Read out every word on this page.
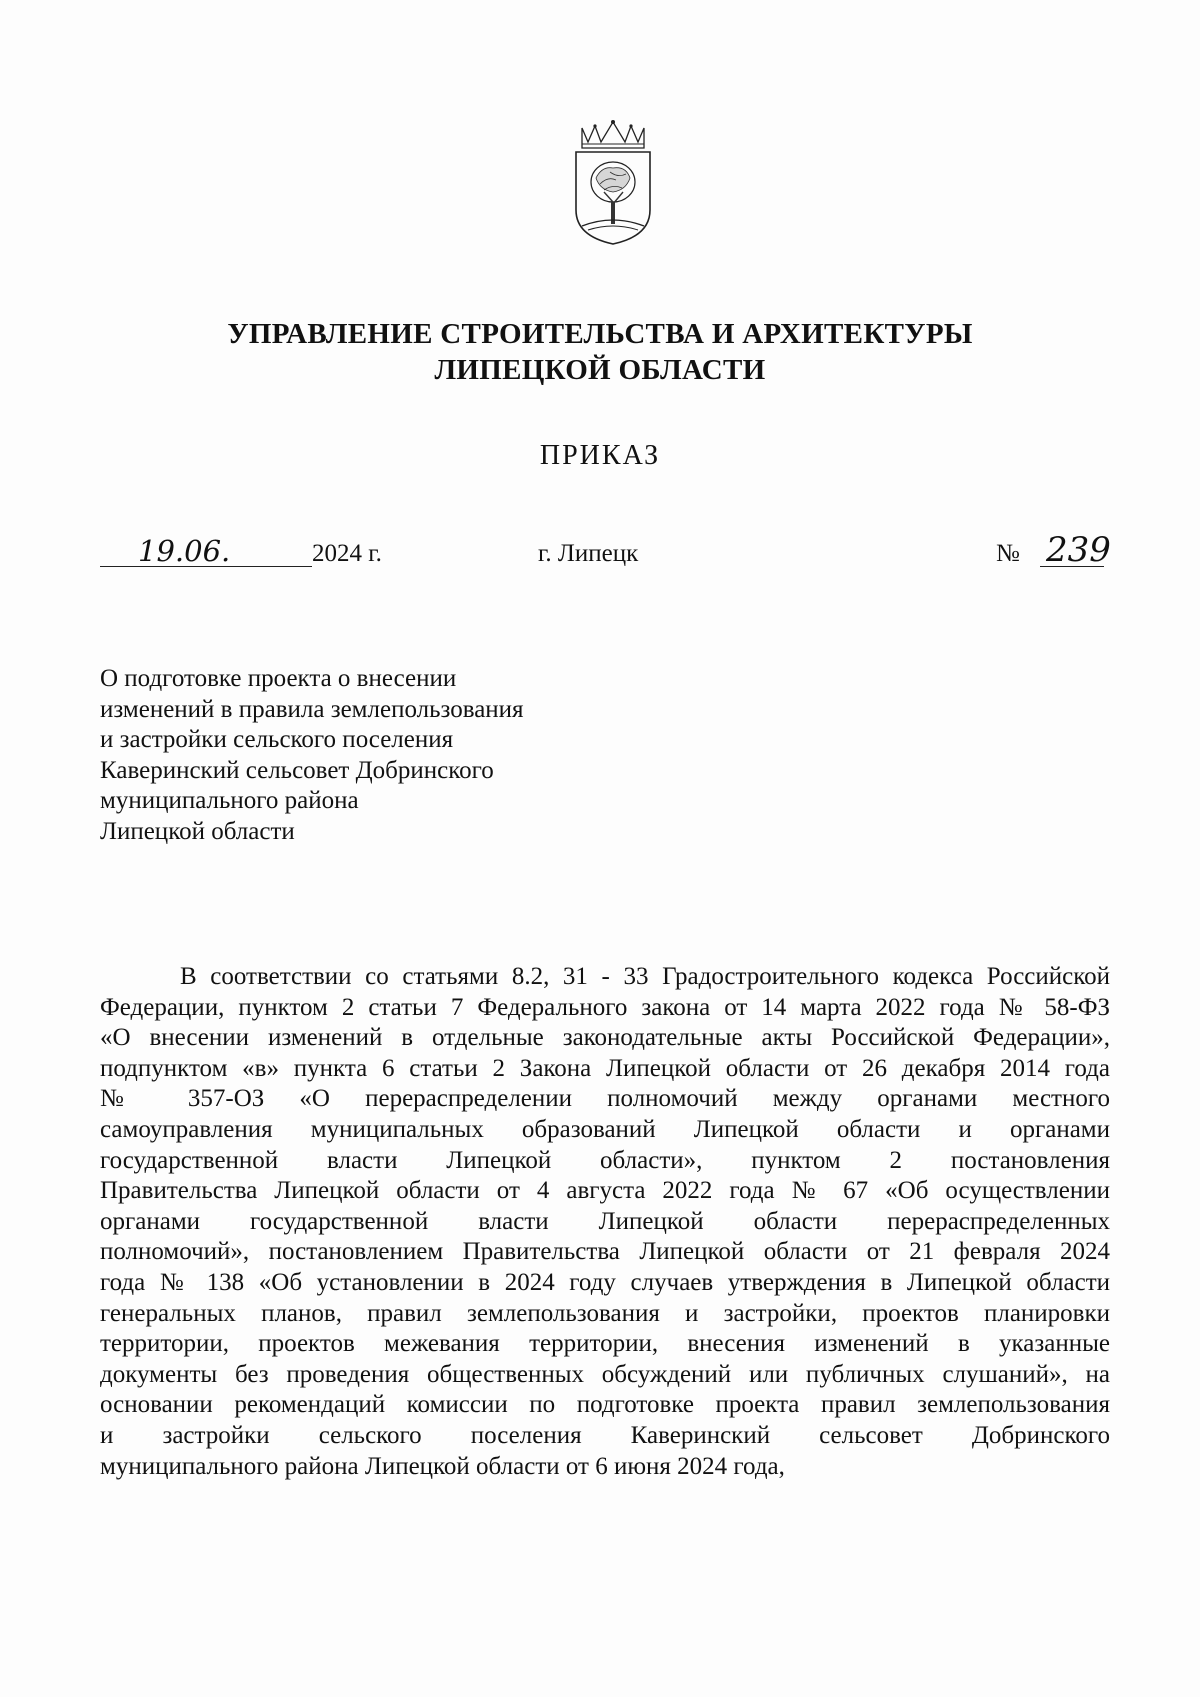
УПРАВЛЕНИЕ СТРОИТЕЛЬСТВА И АРХИТЕКТУРЫ
ЛИПЕЦКОЙ ОБЛАСТИ
ПРИКАЗ
19.06.	2024 г.	г. Липецк	№ 239
О подготовке проекта о внесении
изменений в правила землепользования
и застройки сельского поселения
Каверинский сельсовет Добринского
муниципального района
Липецкой области
В соответствии со статьями 8.2, 31 - 33 Градостроительного кодекса Российской
Федерации, пунктом 2 статьи 7 Федерального закона от 14 марта 2022 года № 58-ФЗ
«О внесении изменений в отдельные законодательные акты Российской Федерации»,
подпунктом «в» пункта 6 статьи 2 Закона Липецкой области от 26 декабря 2014 года
№ 357-ОЗ «О перераспределении полномочий между органами местного
самоуправления муниципальных образований Липецкой области и органами
государственной власти Липецкой области», пунктом 2 постановления
Правительства Липецкой области от 4 августа 2022 года № 67 «Об осуществлении
органами государственной власти Липецкой области перераспределенных
полномочий», постановлением Правительства Липецкой области от 21 февраля 2024
года № 138 «Об установлении в 2024 году случаев утверждения в Липецкой области
генеральных планов, правил землепользования и застройки, проектов планировки
территории, проектов межевания территории, внесения изменений в указанные
документы без проведения общественных обсуждений или публичных слушаний», на
основании рекомендаций комиссии по подготовке проекта правил землепользования
и застройки сельского поселения Каверинский сельсовет Добринского
муниципального района Липецкой области от 6 июня 2024 года,
